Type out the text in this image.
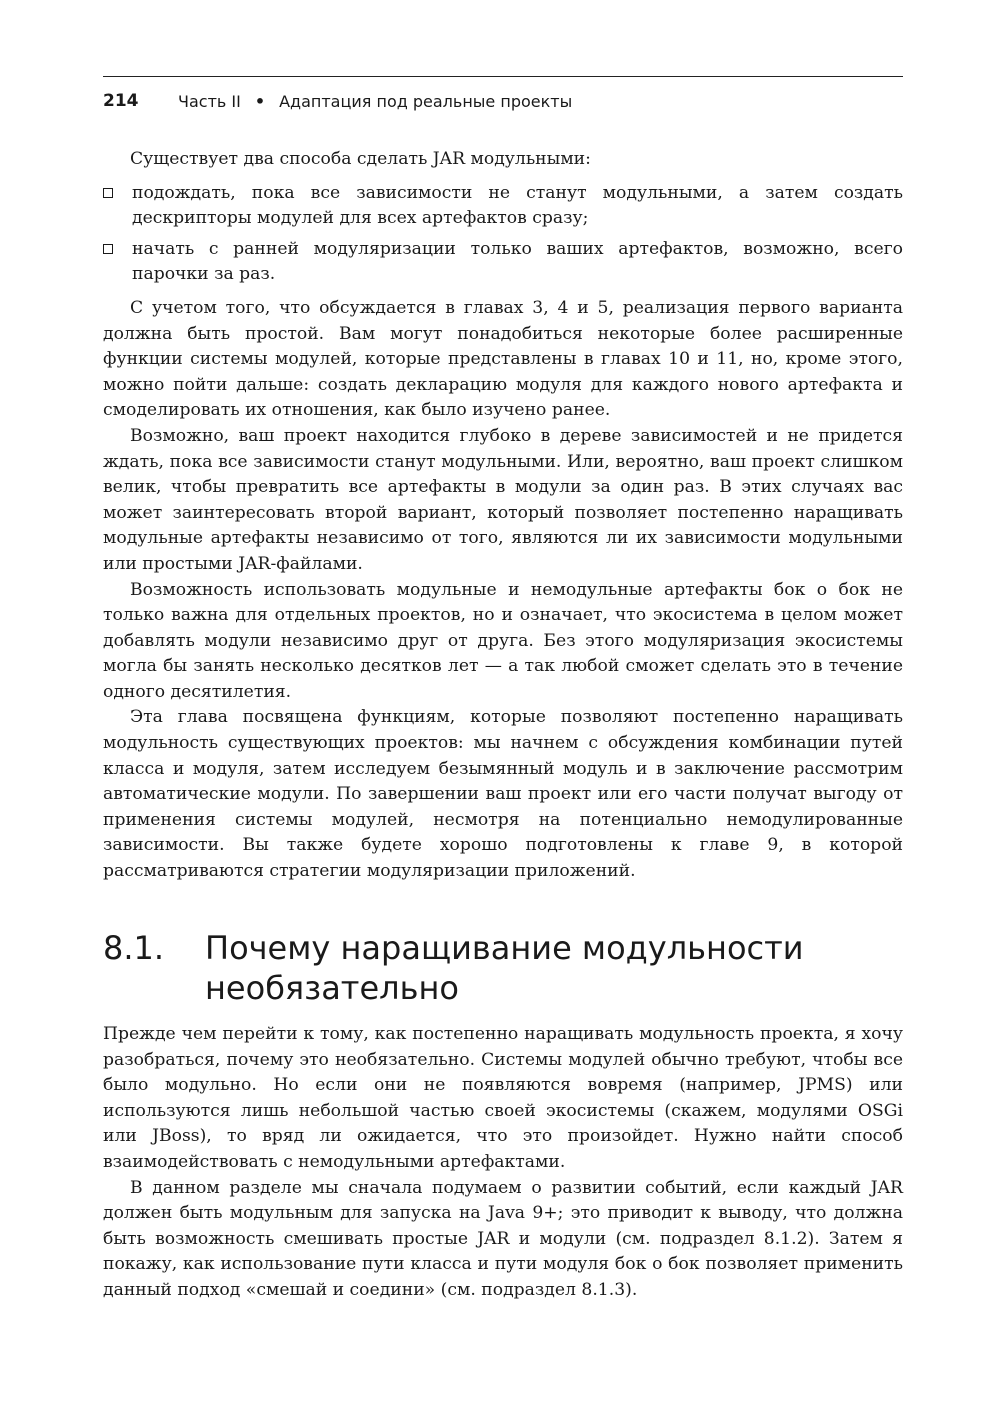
214	Часть II • Адаптация под реальные проекты

Существует два способа сделать JAR модульными:

подождать, пока все зависимости не станут модульными, а затем создать дескрипторы модулей для всех артефактов сразу;
начать с ранней модуляризации только ваших артефактов, возможно, всего парочки за раз.

С учетом того, что обсуждается в главах 3, 4 и 5, реализация первого варианта должна быть простой. Вам могут понадобиться некоторые более расширенные функции системы модулей, которые представлены в главах 10 и 11, но, кроме этого, можно пойти дальше: создать декларацию модуля для каждого нового артефакта и смоделировать их отношения, как было изучено ранее.

Возможно, ваш проект находится глубоко в дереве зависимостей и не придется ждать, пока все зависимости станут модульными. Или, вероятно, ваш проект слишком велик, чтобы превратить все артефакты в модули за один раз. В этих случаях вас может заинтересовать второй вариант, который позволяет постепенно наращивать модульные артефакты независимо от того, являются ли их зависимости модульными или простыми JAR-файлами.

Возможность использовать модульные и немодульные артефакты бок о бок не только важна для отдельных проектов, но и означает, что экосистема в целом может добавлять модули независимо друг от друга. Без этого модуляризация экосистемы могла бы занять несколько десятков лет — а так любой сможет сделать это в течение одного десятилетия.

Эта глава посвящена функциям, которые позволяют постепенно наращивать модульность существующих проектов: мы начнем с обсуждения комбинации путей класса и модуля, затем исследуем безымянный модуль и в заключение рассмотрим автоматические модули. По завершении ваш проект или его части получат выгоду от применения системы модулей, несмотря на потенциально немодулированные зависимости. Вы также будете хорошо подготовлены к главе 9, в которой рассматриваются стратегии модуляризации приложений.

8.1.	Почему наращивание модульности необязательно

Прежде чем перейти к тому, как постепенно наращивать модульность проекта, я хочу разобраться, почему это необязательно. Системы модулей обычно требуют, чтобы все было модульно. Но если они не появляются вовремя (например, JPMS) или используются лишь небольшой частью своей экосистемы (скажем, модулями OSGi или JBoss), то вряд ли ожидается, что это произойдет. Нужно найти способ взаимодействовать с немодульными артефактами.

В данном разделе мы сначала подумаем о развитии событий, если каждый JAR должен быть модульным для запуска на Java 9+; это приводит к выводу, что должна быть возможность смешивать простые JAR и модули (см. подраздел 8.1.2). Затем я покажу, как использование пути класса и пути модуля бок о бок позволяет применить данный подход «смешай и соедини» (см. подраздел 8.1.3).
